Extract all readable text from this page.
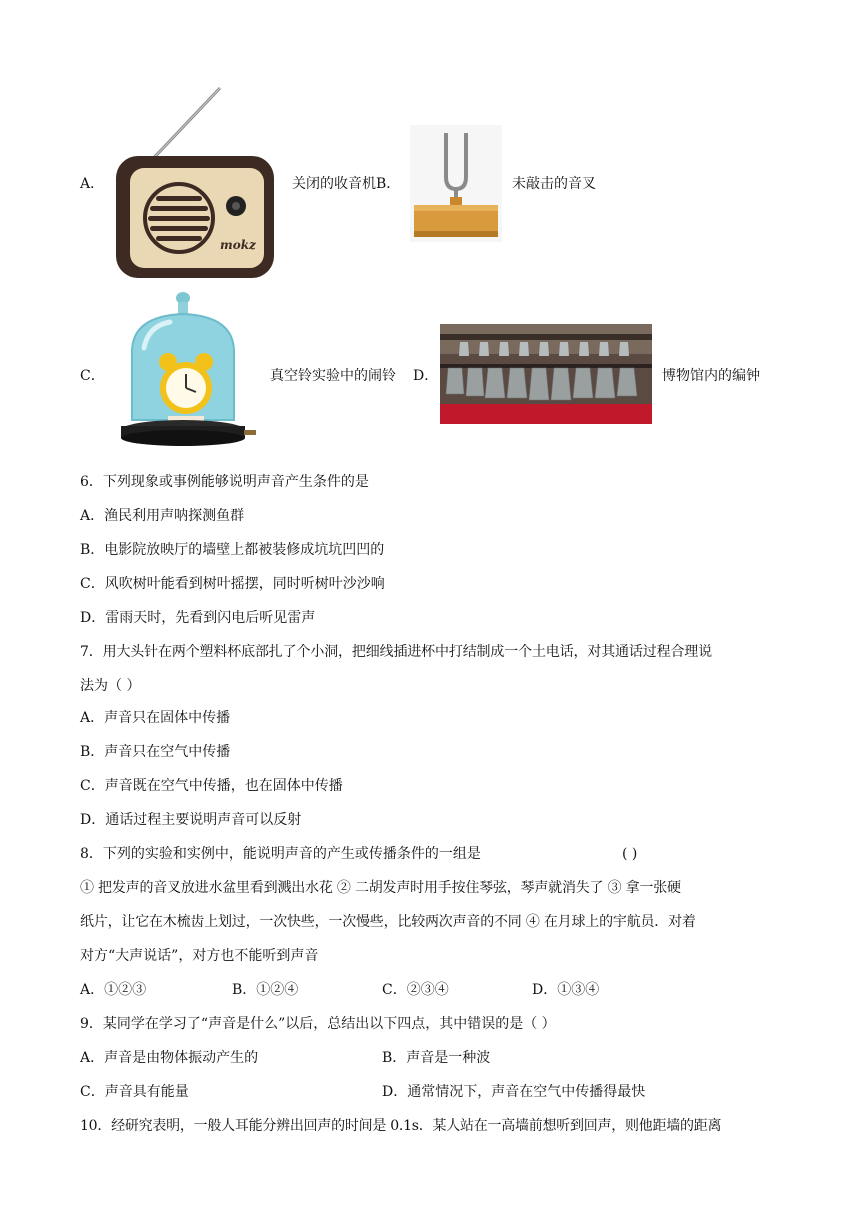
A．
mokz
关闭的收音机 B．	未敲击的音叉
C．	真空铃实验中的闹铃 D．	博物馆内的编钟
6．下列现象或事例能够说明声音产生条件的是
A．渔民利用声呐探测鱼群
B．电影院放映厅的墙壁上都被装修成坑坑凹凹的
C．风吹树叶能看到树叶摇摆，同时听树叶沙沙响
D．雷雨天时，先看到闪电后听见雷声
7．用大头针在两个塑料杯底部扎了个小洞，把细线插进杯中打结制成一个土电话，对其通话过程合理说
法为（ ）
A．声音只在固体中传播
B．声音只在空气中传播
C．声音既在空气中传播，也在固体中传播
D．通话过程主要说明声音可以反射
8．下列的实验和实例中，能说明声音的产生或传播条件的一组是	( )
① 把发声的音叉放进水盆里看到溅出水花 ② 二胡发声时用手按住琴弦，琴声就消失了 ③ 拿一张硬
纸片，让它在木梳齿上划过，一次快些，一次慢些，比较两次声音的不同 ④ 在月球上的宇航员．对着
对方“大声说话”，对方也不能听到声音
A．①②③	B．①②④	C．②③④	D．①③④
9．某同学在学习了“声音是什么”以后，总结出以下四点，其中错误的是（ ）
A．声音是由物体振动产生的	B．声音是一种波
C．声音具有能量	D．通常情况下，声音在空气中传播得最快
10．经研究表明，一般人耳能分辨出回声的时间是 0.1s．某人站在一高墙前想听到回声，则他距墙的距离
